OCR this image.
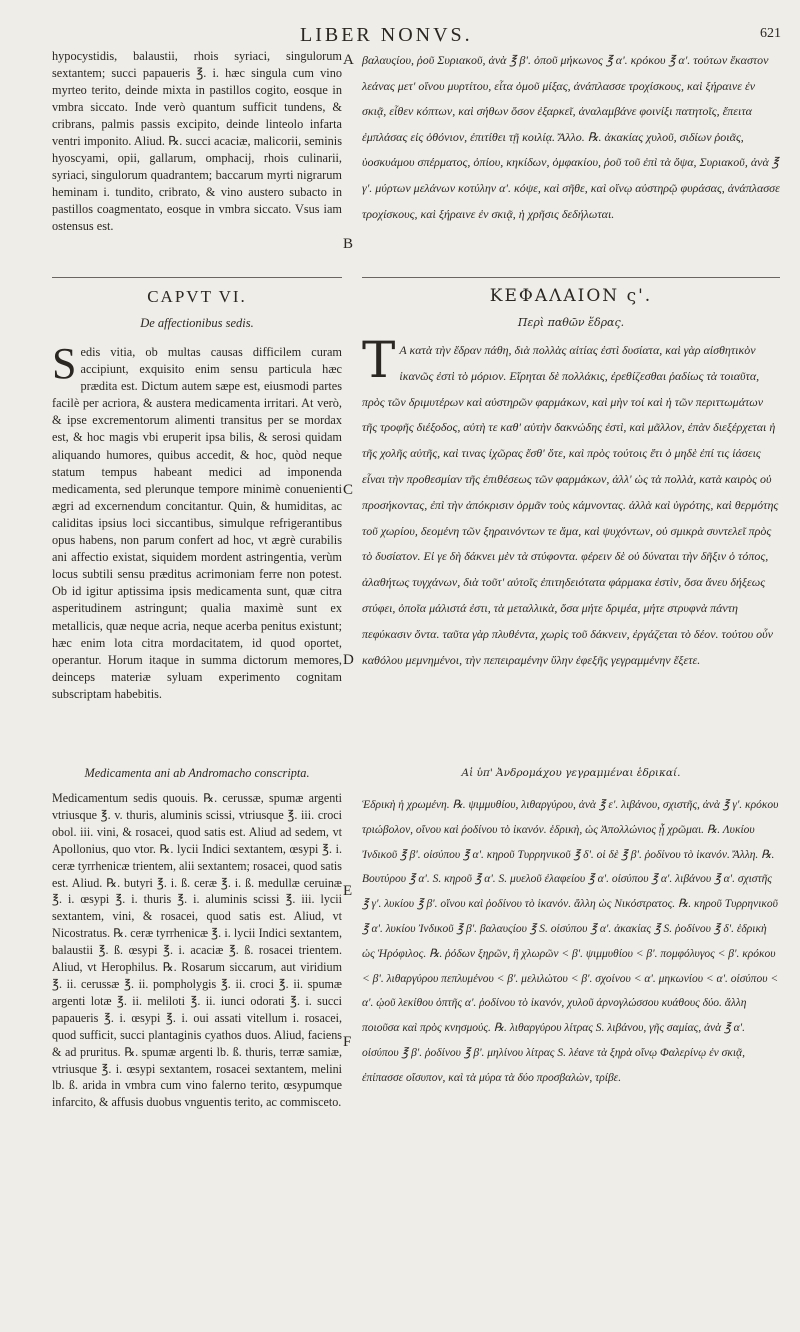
LIBER NONVS.	621
hypocystidis, balaustii, rhois syriaci, singulorum sextantem; succi papaueris ℥. i. hæc singula cum vino myrteo terito, deinde mixta in pastillos cogito, eosque in vmbra siccato. Inde verò quantum sufficit tundens, & cribrans, palmis passis excipito, deinde linteolo infarta ventri imponito. Aliud. ℞. succi acaciæ, malicorii, seminis hyoscyami, opii, gallarum, omphacij, rhois culinarii, syriaci, singulorum quadrantem; baccarum myrti nigrarum heminam i. tundito, cribrato, & vino austero subacto in pastillos coagmentato, eosque in vmbra siccato. Vsus iam ostensus est.
βαλαυςίου, ῥοῦ Συριακοῦ, ἀνὰ ℥ β'. ὀποῦ μήκωνος ℥ α'. κρόκου ℥ α'. τούτων ἕκαστον λεάνας μετ' οἴνου μυρτίτου, εἶτα ὁμοῦ μίξας, ἀνάπλασσε τροχίσκους, καὶ ξήραινε ἐν σκιᾷ, εἶθεν κόπτων, καὶ σήθων ὅσον ἐξαρκεῖ, ἀναλαμβάνε φοινίξι πατητοῖς, ἔπειτα ἐμπλάσας εἰς ὀθόνιον, ἐπιτίθει τῇ κοιλίᾳ. Ἄλλο. ℞. ἀκακίας χυλοῦ, σιδίων ῥοιᾶς, ὑοσκυάμου σπέρματος, ὀπίου, κηκίδων, ὀμφακίου, ῥοῦ τοῦ ἐπὶ τὰ ὄψα, Συριακοῦ, ἀνὰ ℥ γ'. μύρτων μελάνων κοτύλην α'. κόψε, καὶ σῆθε, καὶ οἴνῳ αὐστηρῷ φυράσας, ἀνάπλασσε τροχίσκους, καὶ ξήραινε ἐν σκιᾷ, ἡ χρῆσις δεδήλωται.
CAPVT VI.	ΚΕΦΑΛΑΙΟΝ ς'.
De affectionibus sedis.	Περὶ παθῶν ἕδρας.
Sedis vitia, ob multas causas difficilem curam accipiunt, exquisito enim sensu particula hæc prædita est. Dictum autem sæpe est, eiusmodi partes facilè per acriora, & austera medicamenta irritari. At verò, & ipse excrementorum alimenti transitus per se mordax est, & hoc magis vbi eruperit ipsa bilis, & serosi quidam aliquando humores, quibus accedit, & hoc, quòd neque statum tempus habeant medici ad imponenda medicamenta, sed plerunque tempore minimè conuenienti ægri ad excernendum concitantur. Quin, & humiditas, ac caliditas ipsius loci siccantibus, simulque refrigerantibus opus habens, non parum confert ad hoc, vt ægrè curabilis ani affectio existat, siquidem mordent astringentia, verùm locus subtili sensu præditus acrimoniam ferre non potest. Ob id igitur aptissima ipsis medicamenta sunt, quæ citra asperitudinem astringunt; qualia maximè sunt ex metallicis, quæ neque acria, neque acerba penitus existunt; hæc enim lota citra mordacitatem, id quod oportet, operantur. Horum itaque in summa dictorum memores, deinceps materiæ syluam experimento cognitam subscriptam habebitis.
Τ Α κατὰ τὴν ἕδραν πάθη, διὰ πολλὰς αἰτίας ἐστὶ δυσίατα, καὶ γὰρ αἰσθητικὸν ἱκανῶς ἐστὶ τὸ μόριον. Εἴρηται δὲ πολλάκις, ἐρεθίζεσθαι ῥαδίως τὰ τοιαῦτα, πρὸς τῶν δριμυτέρων καὶ αὐστηρῶν φαρμάκων, καὶ μὴν τοί καὶ ἡ τῶν περιττωμάτων τῆς τροφῆς διέξοδος, αὐτὴ τε καθ' αὑτὴν δακνώδης ἐστὶ, καὶ μᾶλλον, ἐπὰν διεξέρχεται ἡ τῆς χολῆς αὐτῆς, καὶ τινας ἰχῶρας ἔσθ' ὅτε, καὶ πρὸς τούτοις ἔτι ὁ μηδὲ ἐπί τις ἰάσεις εἶναι τὴν προθεσμίαν τῆς ἐπιθέσεως τῶν φαρμάκων, ἀλλ' ὡς τὰ πολλὰ, κατὰ καιρὸς οὐ προσήκοντας, ἐπὶ τὴν ἀπόκρισιν ὁρμᾶν τοὺς κάμνοντας. ἀλλὰ καὶ ὑγρότης, καὶ θερμότης τοῦ χωρίου, δεομένη τῶν ξηραινόντων τε ἅμα, καὶ ψυχόντων, οὐ σμικρὰ συντελεῖ πρὸς τὸ δυσίατον. Εἰ γε δὴ δάκνει μὲν τὰ στύφοντα. φέρειν δὲ οὐ δύναται τὴν δῆξιν ὁ τόπος, ἀλαθήτως τυγχάνων, διὰ τοῦτ' αὐτοῖς ἐπιτηδειότατα φάρμακα ἐστὶν, ὅσα ἄνευ δήξεως στύφει, ὁποῖα μάλιστά ἐστι, τὰ μεταλλικὰ, ὅσα μήτε δριμέα, μήτε στρυφνὰ πάντη πεφύκασιν ὄντα. ταῦτα γὰρ πλυθέντα, χωρὶς τοῦ δάκνειν, ἐργάζεται τὸ δέον. τούτου οὖν καθόλου μεμνημένοι, τὴν πεπειραμένην ὕλην ἐφεξῆς γεγραμμένην ἕξετε.
Medicamenta ani ab Andromacho conscripta.	Αἱ ὑπ' Ἀνδρομάχου γεγραμμέναι ἑδρικαί.
Medicamentum sedis quouis. ℞. cerussæ, spumæ argenti vtriusque ℥. v. thuris, aluminis scissi, vtriusque ℥. iii. croci obol. iii. vini, & rosacei, quod satis est. Aliud ad sedem, vt Apollonius, quo vtor. ℞. lycii Indici sextantem, œsypi ℥. i. ceræ tyrrhenicæ trientem, alii sextantem; rosacei, quod satis est. Aliud. ℞. butyri ℥. i. ß. ceræ ℥. i. ß. medullæ ceruinæ ℥. i. œsypi ℥. i. thuris ℥. i. aluminis scissi ℥. iii. lycii sextantem, vini, & rosacei, quod satis est. Aliud, vt Nicostratus. ℞. ceræ tyrrhenicæ ℥. i. lycii Indici sextantem, balaustii ℥. ß. œsypi ℥. i. acaciæ ℥. ß. rosacei trientem. Aliud, vt Herophilus. ℞. Rosarum siccarum, aut viridium ℥. ii. cerussæ ℥. ii. pompholygis ℥. ii. croci ℥. ii. spumæ argenti lotæ ℥. ii. meliloti ℥. ii. iunci odorati ℥. i. succi papaueris ℥. i. œsypi ℥. i. oui assati vitellum i. rosacei, quod sufficit, succi plantaginis cyathos duos. Aliud, faciens & ad pruritus. ℞. spumæ argenti lb. ß. thuris, terræ samiæ, vtriusque ℥. i. œsypi sextantem, rosacei sextantem, melini lb. ß. arida in vmbra cum vino falerno terito, œsypumque infarcito, & affusis duobus vnguentis terito, ac commisceto.
Ἑδρικὴ ἡ χρωμένη. ℞. ψιμμυθίου, λιθαργύρου, ἀνὰ ℥ ε'. λιβάνου, σχιστῆς, ἀνὰ ℥ γ'. κρόκου τριώβολον, οἴνου καὶ ῥοδίνου τὸ ἱκανόν. ἑδρικὴ, ὡς Ἀπολλώνιος ᾗ χρῶμαι. ℞. Λυκίου Ἰνδικοῦ ℥ β'. οἰσύπου ℥ α'. κηροῦ Τυρρηνικοῦ ℥ δ'. οἱ δὲ ℥ β'. ῥοδίνου τὸ ἱκανόν. Ἄλλη. ℞. Βουτύρου ℥ α'. S. κηροῦ ℥ α'. S. μυελοῦ ἐλαφείου ℥ α'. οἰσύπου ℥ α'. λιβάνου ℥ α'. σχιστῆς ℥ γ'. λυκίου ℥ β'. οἴνου καὶ ῥοδίνου τὸ ἱκανόν. ἄλλη ὡς Νικόστρατος. ℞. κηροῦ Τυρρηνικοῦ ℥ α'. λυκίου Ἰνδικοῦ ℥ β'. βαλαυςίου ℥ S. οἰσύπου ℥ α'. ἀκακίας ℥ S. ῥοδίνου ℥ δ'. ἑδρικὴ ὡς Ἡρόφιλος. ℞. ῥόδων ξηρῶν, ἢ χλωρῶν < β'. ψιμμυθίου < β'. πομφόλυγος < β'. κρόκου < β'. λιθαργύρου πεπλυμένου < β'. μελιλώτου < β'. σχοίνου < α'. μηκωνίου < α'. οἰσύπου < α'. ᾠοῦ λεκίθου ὀπτῆς α'. ῥοδίνου τὸ ἱκανόν, χυλοῦ ἀρνογλώσσου κυάθους δύο. ἄλλη ποιοῦσα καὶ πρὸς κνησμούς. ℞. λιθαργύρου λίτρας S. λιβάνου, γῆς σαμίας, ἀνὰ ℥ α'. οἰσύπου ℥ β'. ῥοδίνου ℥ β'. μηλίνου λίτρας S. λέανε τὰ ξηρὰ οἴνῳ Φαλερίνῳ ἐν σκιᾷ, ἐπίπασσε οἴσυπον, καὶ τὰ μύρα τὰ δύο προσβαλὼν, τρίβε.
A
B
C
D
E
F
